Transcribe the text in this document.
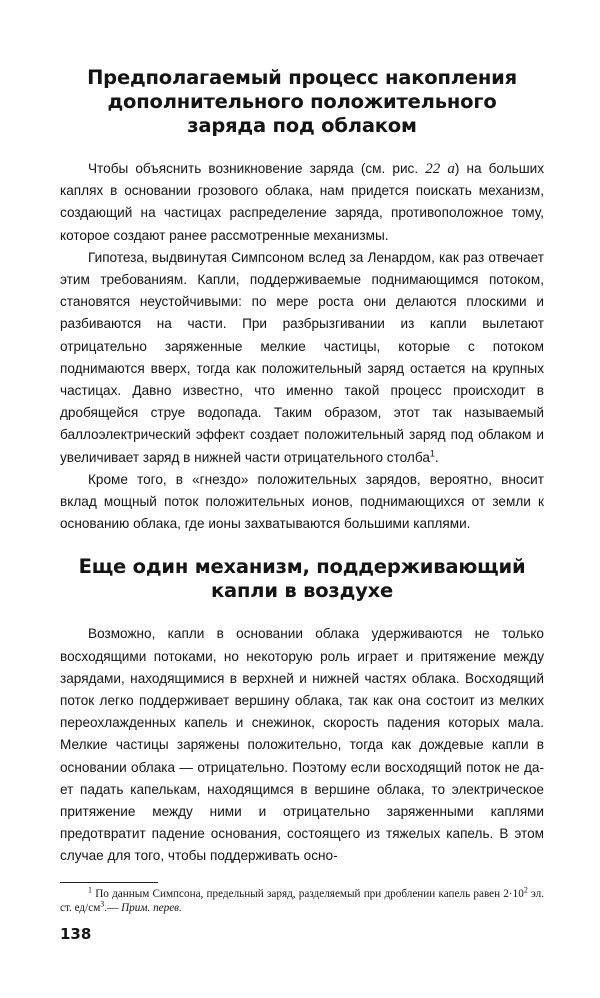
Предполагаемый процесс накопления
дополнительного положительного
заряда под облаком

Чтобы объяснить возникновение заряда (см. рис. 22 а) на больших каплях в основании грозового облака, нам придется поискать механизм, создающий на частицах распределение заряда, противоположное тому, которое создают ранее рассмотренные механизмы.

Гипотеза, выдвинутая Симпсоном вслед за Ленардом, как раз отвечает этим требованиям. Капли, поддерживаемые поднимающимся потоком, становятся неустойчивыми: по мере роста они делаются плоскими и разбиваются на части. При разбрызгивании из капли вылетают отрицательно заряженные мелкие частицы, которые с потоком поднимаются вверх, тогда как положительный заряд остается на крупных частицах. Давно известно, что именно такой процесс происходит в дробящейся струе водопада. Таким образом, этот так называемый баллоэлектрический эффект создает положительный заряд под облаком и увеличивает заряд в нижней части отрицательного столба$^1$.

Кроме того, в «гнездо» положительных зарядов, вероятно, вносит вклад мощный поток положительных ионов, поднимающихся от земли к основанию облака, где ионы захватываются большими каплями.

Еще один механизм, поддерживающий
капли в воздухе

Возможно, капли в основании облака удерживаются не только восходящими потоками, но некоторую роль играет и притяжение между зарядами, находящимися в верхней и нижней частях облака. Восходящий поток легко поддерживает вершину облака, так как она состоит из мелких переохлажденных капель и снежинок, скорость падения которых мала. Мелкие частицы заряжены положительно, тогда как дождевые капли в основании облака — отрицательно. Поэтому если восходящий поток не дает падать капелькам, находящимся в вершине облака, то электрическое притяжение между ними и отрицательно заряженными каплями предотвратит падение основания, состоящего из тяжелых капель. В этом случае для того, чтобы поддерживать осно-

$^1$ По данным Симпсона, предельный заряд, разделяемый при дроблении капель равен $2\cdot 10^2$ эл. ст. $ед/см^3.—$ Прим. перев.

138
